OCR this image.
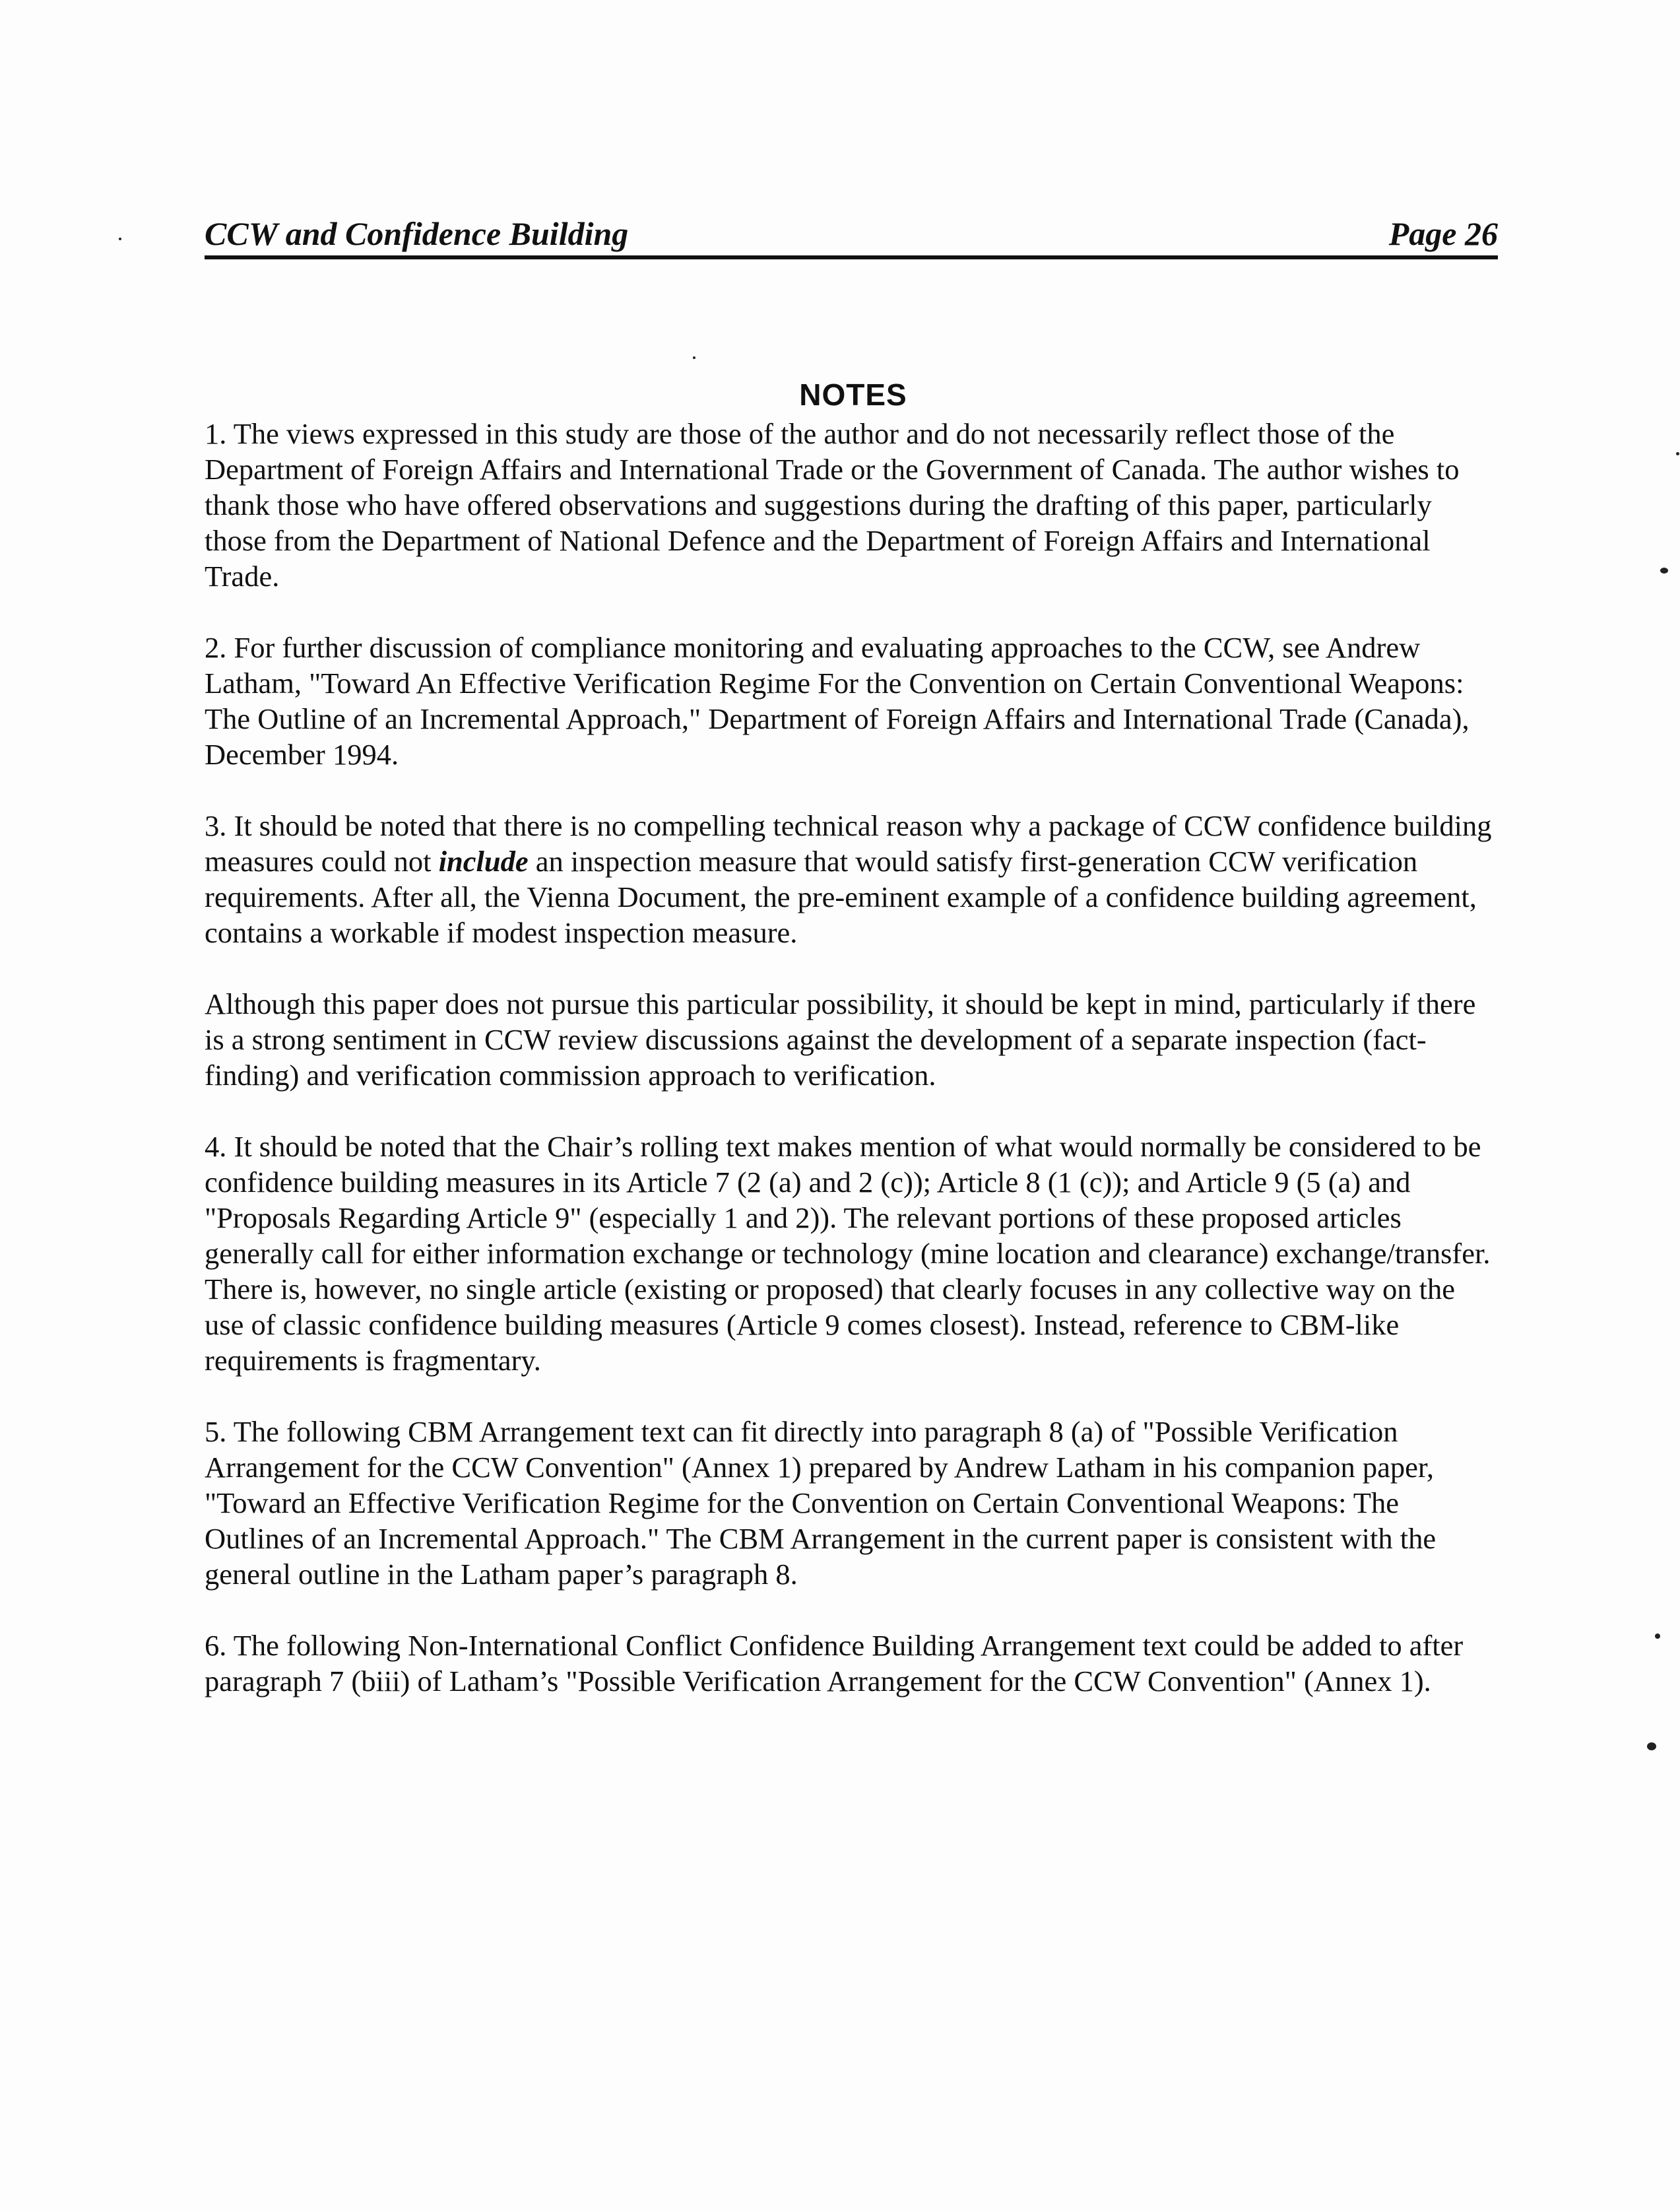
CCW and Confidence Building	Page 26
NOTES

1. The views expressed in this study are those of the author and do not necessarily reflect those of the Department of Foreign Affairs and International Trade or the Government of Canada. The author wishes to thank those who have offered observations and suggestions during the drafting of this paper, particularly those from the Department of National Defence and the Department of Foreign Affairs and International Trade.

2. For further discussion of compliance monitoring and evaluating approaches to the CCW, see Andrew Latham, "Toward An Effective Verification Regime For the Convention on Certain Conventional Weapons: The Outline of an Incremental Approach," Department of Foreign Affairs and International Trade (Canada), December 1994.

3. It should be noted that there is no compelling technical reason why a package of CCW confidence building measures could not include an inspection measure that would satisfy first-generation CCW verification requirements. After all, the Vienna Document, the pre-eminent example of a confidence building agreement, contains a workable if modest inspection measure.

Although this paper does not pursue this particular possibility, it should be kept in mind, particularly if there is a strong sentiment in CCW review discussions against the development of a separate inspection (fact-finding) and verification commission approach to verification.

4. It should be noted that the Chair’s rolling text makes mention of what would normally be considered to be confidence building measures in its Article 7 (2 (a) and 2 (c)); Article 8 (1 (c)); and Article 9 (5 (a) and "Proposals Regarding Article 9" (especially 1 and 2)). The relevant portions of these proposed articles generally call for either information exchange or technology (mine location and clearance) exchange/transfer. There is, however, no single article (existing or proposed) that clearly focuses in any collective way on the use of classic confidence building measures (Article 9 comes closest). Instead, reference to CBM-like requirements is fragmentary.

5. The following CBM Arrangement text can fit directly into paragraph 8 (a) of "Possible Verification Arrangement for the CCW Convention" (Annex 1) prepared by Andrew Latham in his companion paper, "Toward an Effective Verification Regime for the Convention on Certain Conventional Weapons: The Outlines of an Incremental Approach." The CBM Arrangement in the current paper is consistent with the general outline in the Latham paper’s paragraph 8.

6. The following Non-International Conflict Confidence Building Arrangement text could be added to after paragraph 7 (biii) of Latham’s "Possible Verification Arrangement for the CCW Convention" (Annex 1).
